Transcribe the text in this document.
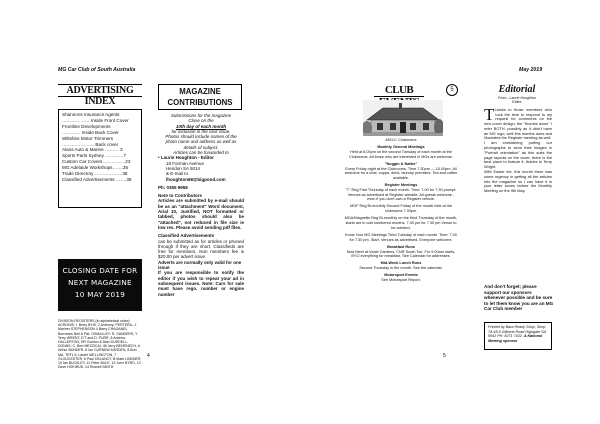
MG Car Club of South Australia
ADVERTISING INDEX
Shannons Insurance Agents
……………… Inside Front Cover
Frontline Developments
………… Inside Back Cover
Wiltshire Motor Trimmers
………………… Back cover
Alans Auto & Marine ……… 3
Sports Parts Sydney …………7
Custom Car Covers……………23
MG Adelaide Workshops…….35
Trade Directory ………………38
Classified Advertisements …….39
CLOSING DATE FOR
NEXT MAGAZINE
10 MAY 2019
DIVISION REGISTERS (in alphabetical order): ACRONIS: I. Berry B'HS, 2 Anthony; PERTERIL; J. Mariner STEPHENSON 4 Barry CHAGANEL Borrowes Neil & Pat. OSMALLEY: R. SANDERS, Y. Terry WRENT, D'T and D. PURR, 8 Andrew HALLERTON, HR Gordon & Alan DURDELL; DONNS: C. Bert MEZZICAI, 48 Jerry BEHRNECH, A Arthur BUNDER, 8 Ian CURNEW-KARDEN, 8 Bun MA. TEFL 6, Laurie WELLINGTON, 7 GLOUCESTER, 6 Paul DELANCY, B Mark LINDNER, 10 Ian BUCKLEY, 11 Peter BULE, 12 John BYRD, 13 Dave HOKIRUS, 14 Russell SMITH.
MAGAZINE
CONTRIBUTIONS
Submissions for the magazine
Close on the
10th day of each month
for inclusion in the next issue.
Photos should include names of the
photo name and address as well as
details of subject.
Articles can be forwarded to
• Laurie Houghton - Editor
18 Forman Avenue
Hendon SA 5014
& E-mail to
lhoughton68@bigpond.com
Ph: 0355 9958
Note to Contributors
Articles are submitted by e-mail should be as an "attachment" Word document, Arial 10, Justified, NOT formatted or tabbed, photos should also be "attached", not reduced in file size ie low res. Please avoid sending pdf files.
Classified Advertisements
can be submitted as for articles or phoned through if they are short. Classifieds are free for members. Non members fee is $20.00 per advert issue.
Adverts are normally only valid for one issue
If you are responsible to notify the editor if you wish to repeat your ad in subsequent issues. Note: Cars for sale must have rego. number or engine number
4
May 2019
CLUB	5
MGCC Clubrooms
Monthly General Meetings
Held at 8.00pm on the second Tuesday of each month at the Clubrooms. All those who are interested in MGs are welcome.
"Noggin & Natter"
Every Friday night at the Clubrooms. Time 7.30pm — 10.00pm. All welcome for a chat, cuppa, drink, laundry premises. Tea and coffee available.
Register Meetings
"T" Reg First Thursday of each month. Time: 7.00 for 7.30 prompt. Venues as advertised at Register website. All guests welcome - even if you don't own a Register vehicle.
MGF Reg Bi-monthly Second Friday of the month held at the clubrooms 7.30pm.
MGA/Magnette Reg Bi-monthly on the third Thursday of the month, starts are in odd numbered months, 7.30 pm for 7.30 pm Venue to be advised.
Know Your MG Meetings Third Tuesday of each month. Time: 7.00 for 7.30 pm. Start. Venues as advertised. Everyone welcome.
Breakfast Runs
Now Meet at Veale Gardens, CNR South Tce. For 9.00am starts, BYO everything for breakfast. See Calendar for addresses.
Mid-Week Lunch Runs
Second Thursday in the month. See the calendar.
Motorsport Events
See Motorsport Report.
Editorial
From...Laurie Houghton
Editor

Thanks to those members who took the time to respond to my request for comments on the new cover design, the "thumbs down" I refer BOTH, possibly as it didn't have an MG logo, well this months does and illustrates the Register meeting as well.

I am considering putting our photographs to send their images in "Portrait orientation" as this suits the page layouts on the cover, there is the best place to feature it, thanks to Terry Wright.

With Easter etc. this month there was some urgency in getting all the articles into the magazine so I can have it in your letter boxes before the Monthly Meeting on the 9th May.

And don't forget; please support our sponsors whenever possible and be sure to let them know you are an MG Car Club member
Printed by Bara Ready Shop, Shop 7A 48-5 Gilberts Road Highgate SA 5062 PH: 8271 7422. A National Meeting sponsor
5
